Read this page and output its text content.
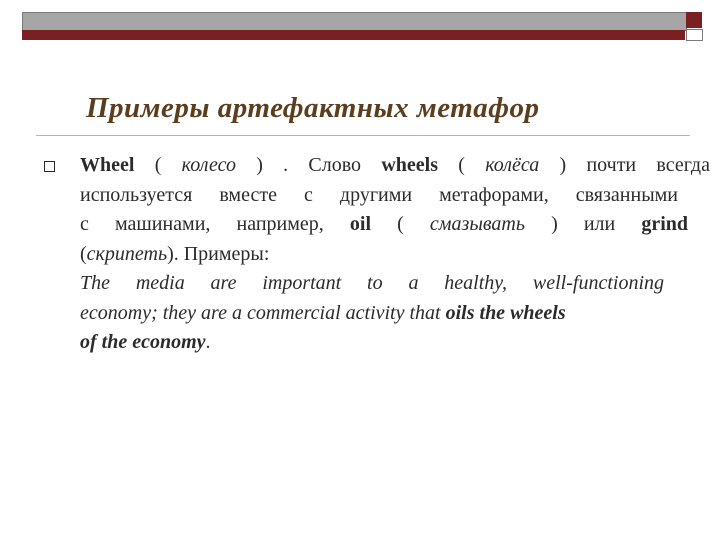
Примеры артефактных метафор
Wheel ( колесо ) . Слово wheels ( колёса ) почти всегда
используется вместе с другими метафорами, связанными
с машинами, например, oil ( смазывать ) или grind
(скрипеть). Примеры:
The media are important to a healthy, well-functioning
economy; they are a commercial activity that oils the wheels
of the economy.
